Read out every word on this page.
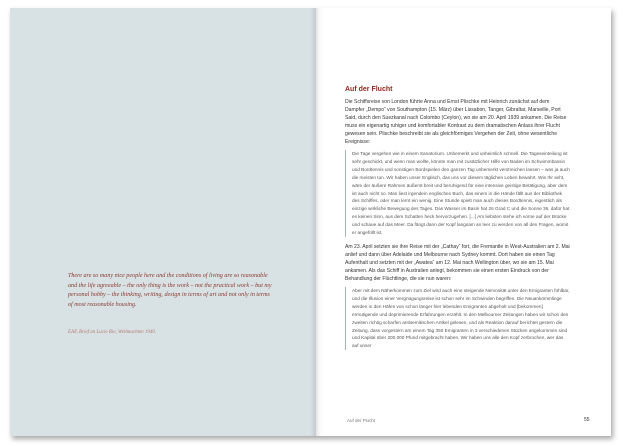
There are so many nice people here and the conditions of living are so reasonable and the life agreeable – the only thing is the work – not the practical work – but my personal hobby – the thinking, writing, design in terms of art and not only in terms of most reasonable housing.
EAF, Brief an Lucie Rie, Weihnachten 1940.
Auf der Flucht

Die Schiffsreise von London führte Anna und Ernst Plischke mit Heinrich zunächst auf dem Dampfer „Dempo“ von Southampton (15. März) über Lissabon, Tanger, Gibraltar, Marseille, Port Said, durch den Suezkanal nach Colombo (Ceylon), wo sie am 20. April 1939 ankamen. Die Reise muss ein eigenartig ruhiger und komfortabler Kontrast zu dem dramatischen Anlass ihrer Flucht gewesen sein. Plischke beschreibt sie als gleichförmiges Vergehen der Zeit, ohne wesentliche Ereignisse:

Die Tage vergehen wie in einem Sanatorium. Unbemerkt und unheimlich schnell. Die Tageseinteilung ist sehr geschickt, und wenn man wollte, könnte man mit zusätzlicher Hilfe von Baden im Schwimmbassin und Bordtennis und sonstigen Bordspielen den ganzen Tag unbemerkt verstreichen lassen – was ja auch die meisten tun. Wir haben unser Englisch, das uns vor diesem täglichen Leben bewahrt. Wie Ihr seht, wäre der äußere Rahmen äußerst breit und beruhigend für eine intensive geistige Betätigung, aber dem ist auch nicht so. Man liest irgendein englisches Buch, das einem in die Hände fällt aus der Bibliothek des Schiffes, oder man lernt ein wenig. Eine Stunde spielt man auch dieses Bordtennis, eigentlich als einzige wirkliche Bewegung des Tages. Das Wasser im Basin hat 26 Grad C und die Sonne 36, dafür hat es keinen Sinn, aus dem Schatten heck hervorzugehen. [...] Am liebsten stehe ich vorne auf der Brücke und schaue auf das Meer. Da fängt dann der Kopf langsam an leer zu werden von all den Fragen, womit er angefüllt ist.

Am 23. April setzten sie ihre Reise mit der „Cathay“ fort, die Fremantle in West-Australien am 2. Mai anlief und dann über Adelaide und Melbourne nach Sydney kommt. Dort haben sie einen Tag Aufenthalt und setzten mit der „Awatea“ am 12. Mai nach Wellington über, wo sie am 15. Mai ankamen. Als das Schiff in Australien anlegt, bekommen sie einen ersten Eindruck von der Behandlung der Flüchtlinge, die sie nun waren:

Aber mit dem Näherkommen zum Ziel wird auch eine steigende Nervosität unter den Emigranten fühlbar, und die Illusion einer Vergnügungsreise ist schon sehr im Schwinden begriffen. Die Neuankömmlinge werden in den Häfen von schon länger hier lebenden Emigranten abgeholt und [bekommen] ermutigende und deprimierende Erfahrungen erzählt. In den Melbourner Zeitungen haben wir schon den zweiten richtig scharfen antisemitischen Artikel gelesen, und als Reaktion darauf berichtet gestern die Zeitung, dass vorgestern am einem Tag 350 Emigranten in 3 verschiedenen Stücken angekommen sind und Kapital über 200.000 Pfund mitgebracht haben. Wir haben uns alle den Kopf zerbrochen, wer das auf unser
Auf der Flucht	55
